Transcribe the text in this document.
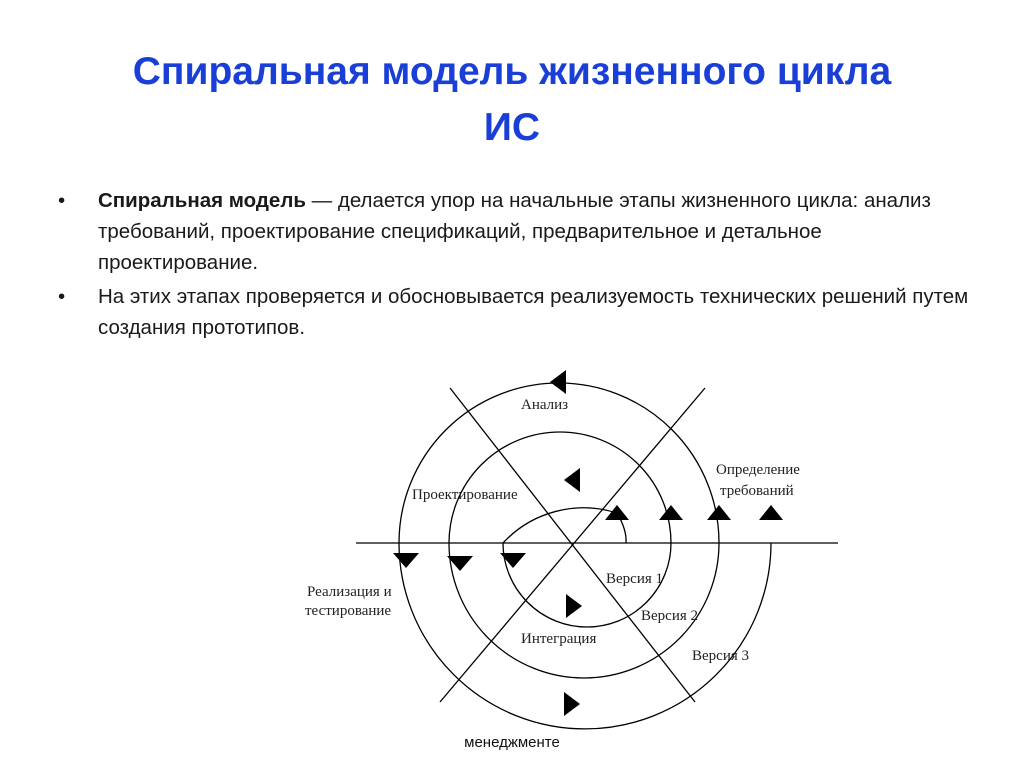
Спиральная модель жизненного цикла
ИС
• Спиральная модель — делается упор на начальные этапы жизненного цикла: анализ требований, проектирование спецификаций, предварительное и детальное проектирование.
• На этих этапах проверяется и обосновывается реализуемость технических решений путем создания прототипов.
Анализ
Определение
требований
Проектирование
Реализация и
тестирование
Интеграция
Версия 1
Версия 2
Версия 3
менеджменте
